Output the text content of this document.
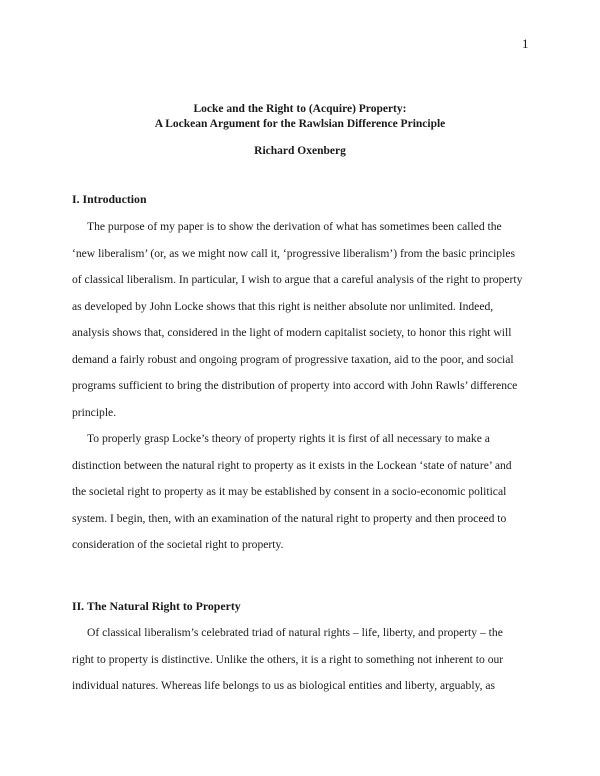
1
Locke and the Right to (Acquire) Property:
A Lockean Argument for the Rawlsian Difference Principle
Richard Oxenberg
I. Introduction
The purpose of my paper is to show the derivation of what has sometimes been called the
‘new liberalism’ (or, as we might now call it, ‘progressive liberalism’) from the basic principles
of classical liberalism. In particular, I wish to argue that a careful analysis of the right to property
as developed by John Locke shows that this right is neither absolute nor unlimited. Indeed,
analysis shows that, considered in the light of modern capitalist society, to honor this right will
demand a fairly robust and ongoing program of progressive taxation, aid to the poor, and social
programs sufficient to bring the distribution of property into accord with John Rawls’ difference
principle.
To properly grasp Locke’s theory of property rights it is first of all necessary to make a
distinction between the natural right to property as it exists in the Lockean ‘state of nature’ and
the societal right to property as it may be established by consent in a socio-economic political
system. I begin, then, with an examination of the natural right to property and then proceed to
consideration of the societal right to property.
II. The Natural Right to Property
Of classical liberalism’s celebrated triad of natural rights – life, liberty, and property – the
right to property is distinctive. Unlike the others, it is a right to something not inherent to our
individual natures. Whereas life belongs to us as biological entities and liberty, arguably, as
